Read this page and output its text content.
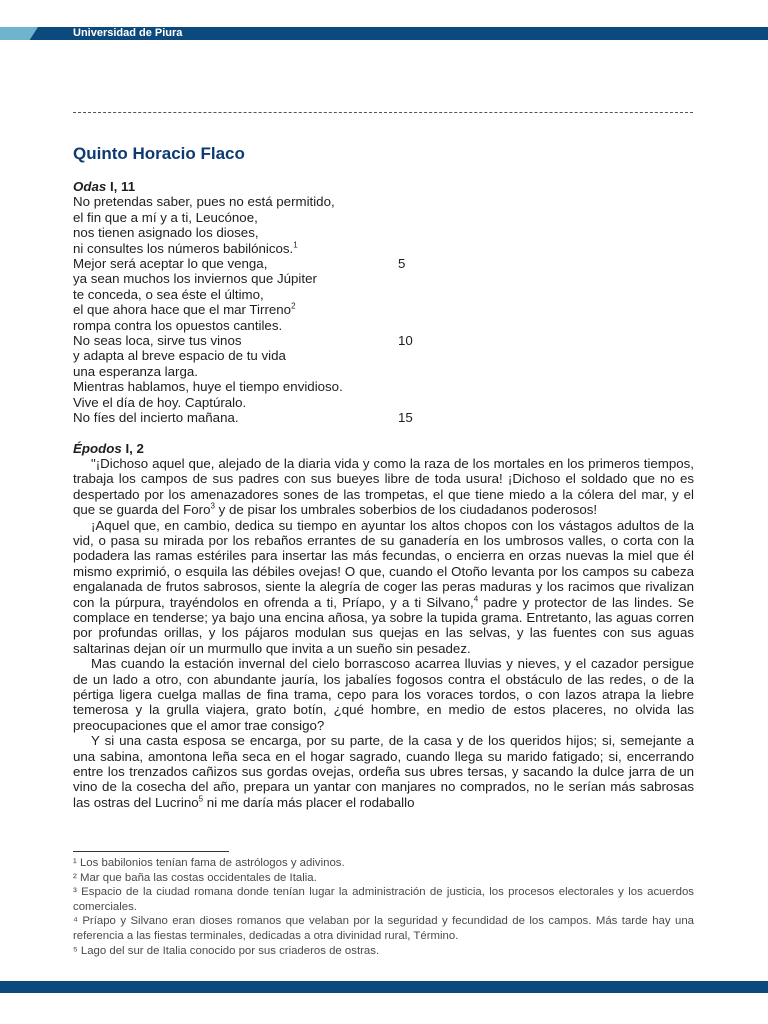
Universidad de Piura
Quinto Horacio Flaco
Odas I, 11
No pretendas saber, pues no está permitido,
el fin que a mí y a ti, Leucónoe,
nos tienen asignado los dioses,
ni consultes los números babilónicos.$^1$
Mejor será aceptar lo que venga,	5
ya sean muchos los inviernos que Júpiter
te conceda, o sea éste el último,
el que ahora hace que el mar Tirreno$^2$
rompa contra los opuestos cantiles.
No seas loca, sirve tus vinos	10
y adapta al breve espacio de tu vida
una esperanza larga.
Mientras hablamos, huye el tiempo envidioso.
Vive el día de hoy. Captúralo.
No fíes del incierto mañana.	15
Épodos I, 2

"¡Dichoso aquel que, alejado de la diaria vida y como la raza de los mortales en los primeros tiempos, trabaja los campos de sus padres con sus bueyes libre de toda usura! ¡Dichoso el soldado que no es despertado por los amenazadores sones de las trompetas, el que tiene miedo a la cólera del mar, y el que se guarda del Foro$^3$ y de pisar los umbrales soberbios de los ciudadanos poderosos!

¡Aquel que, en cambio, dedica su tiempo en ayuntar los altos chopos con los vástagos adultos de la vid, o pasa su mirada por los rebaños errantes de su ganadería en los umbrosos valles, o corta con la podadera las ramas estériles para insertar las más fecundas, o encierra en orzas nuevas la miel que él mismo exprimió, o esquila las débiles ovejas! O que, cuando el Otoño levanta por los campos su cabeza engalanada de frutos sabrosos, siente la alegría de coger las peras maduras y los racimos que rivalizan con la púrpura, trayéndolos en ofrenda a ti, Príapo, y a ti Silvano,$^4$ padre y protector de las lindes. Se complace en tenderse; ya bajo una encina añosa, ya sobre la tupida grama. Entretanto, las aguas corren por profundas orillas, y los pájaros modulan sus quejas en las selvas, y las fuentes con sus aguas saltarinas dejan oír un murmullo que invita a un sueño sin pesadez.

Mas cuando la estación invernal del cielo borrascoso acarrea lluvias y nieves, y el cazador persigue de un lado a otro, con abundante jauría, los jabalíes fogosos contra el obstáculo de las redes, o de la pértiga ligera cuelga mallas de fina trama, cepo para los voraces tordos, o con lazos atrapa la liebre temerosa y la grulla viajera, grato botín, ¿qué hombre, en medio de estos placeres, no olvida las preocupaciones que el amor trae consigo?

Y si una casta esposa se encarga, por su parte, de la casa y de los queridos hijos; si, semejante a una sabina, amontona leña seca en el hogar sagrado, cuando llega su marido fatigado; si, encerrando entre los trenzados cañizos sus gordas ovejas, ordeña sus ubres tersas, y sacando la dulce jarra de un vino de la cosecha del año, prepara un yantar con manjares no comprados, no le serían más sabrosas las ostras del Lucrino$^5$ ni me daría más placer el rodaballo

¹ Los babilonios tenían fama de astrólogos y adivinos.

² Mar que baña las costas occidentales de Italia.

³ Espacio de la ciudad romana donde tenían lugar la administración de justicia, los procesos electorales y los acuerdos comerciales.

⁴ Príapo y Silvano eran dioses romanos que velaban por la seguridad y fecundidad de los campos. Más tarde hay una referencia a las fiestas terminales, dedicadas a otra divinidad rural, Término.

⁵ Lago del sur de Italia conocido por sus criaderos de ostras.
